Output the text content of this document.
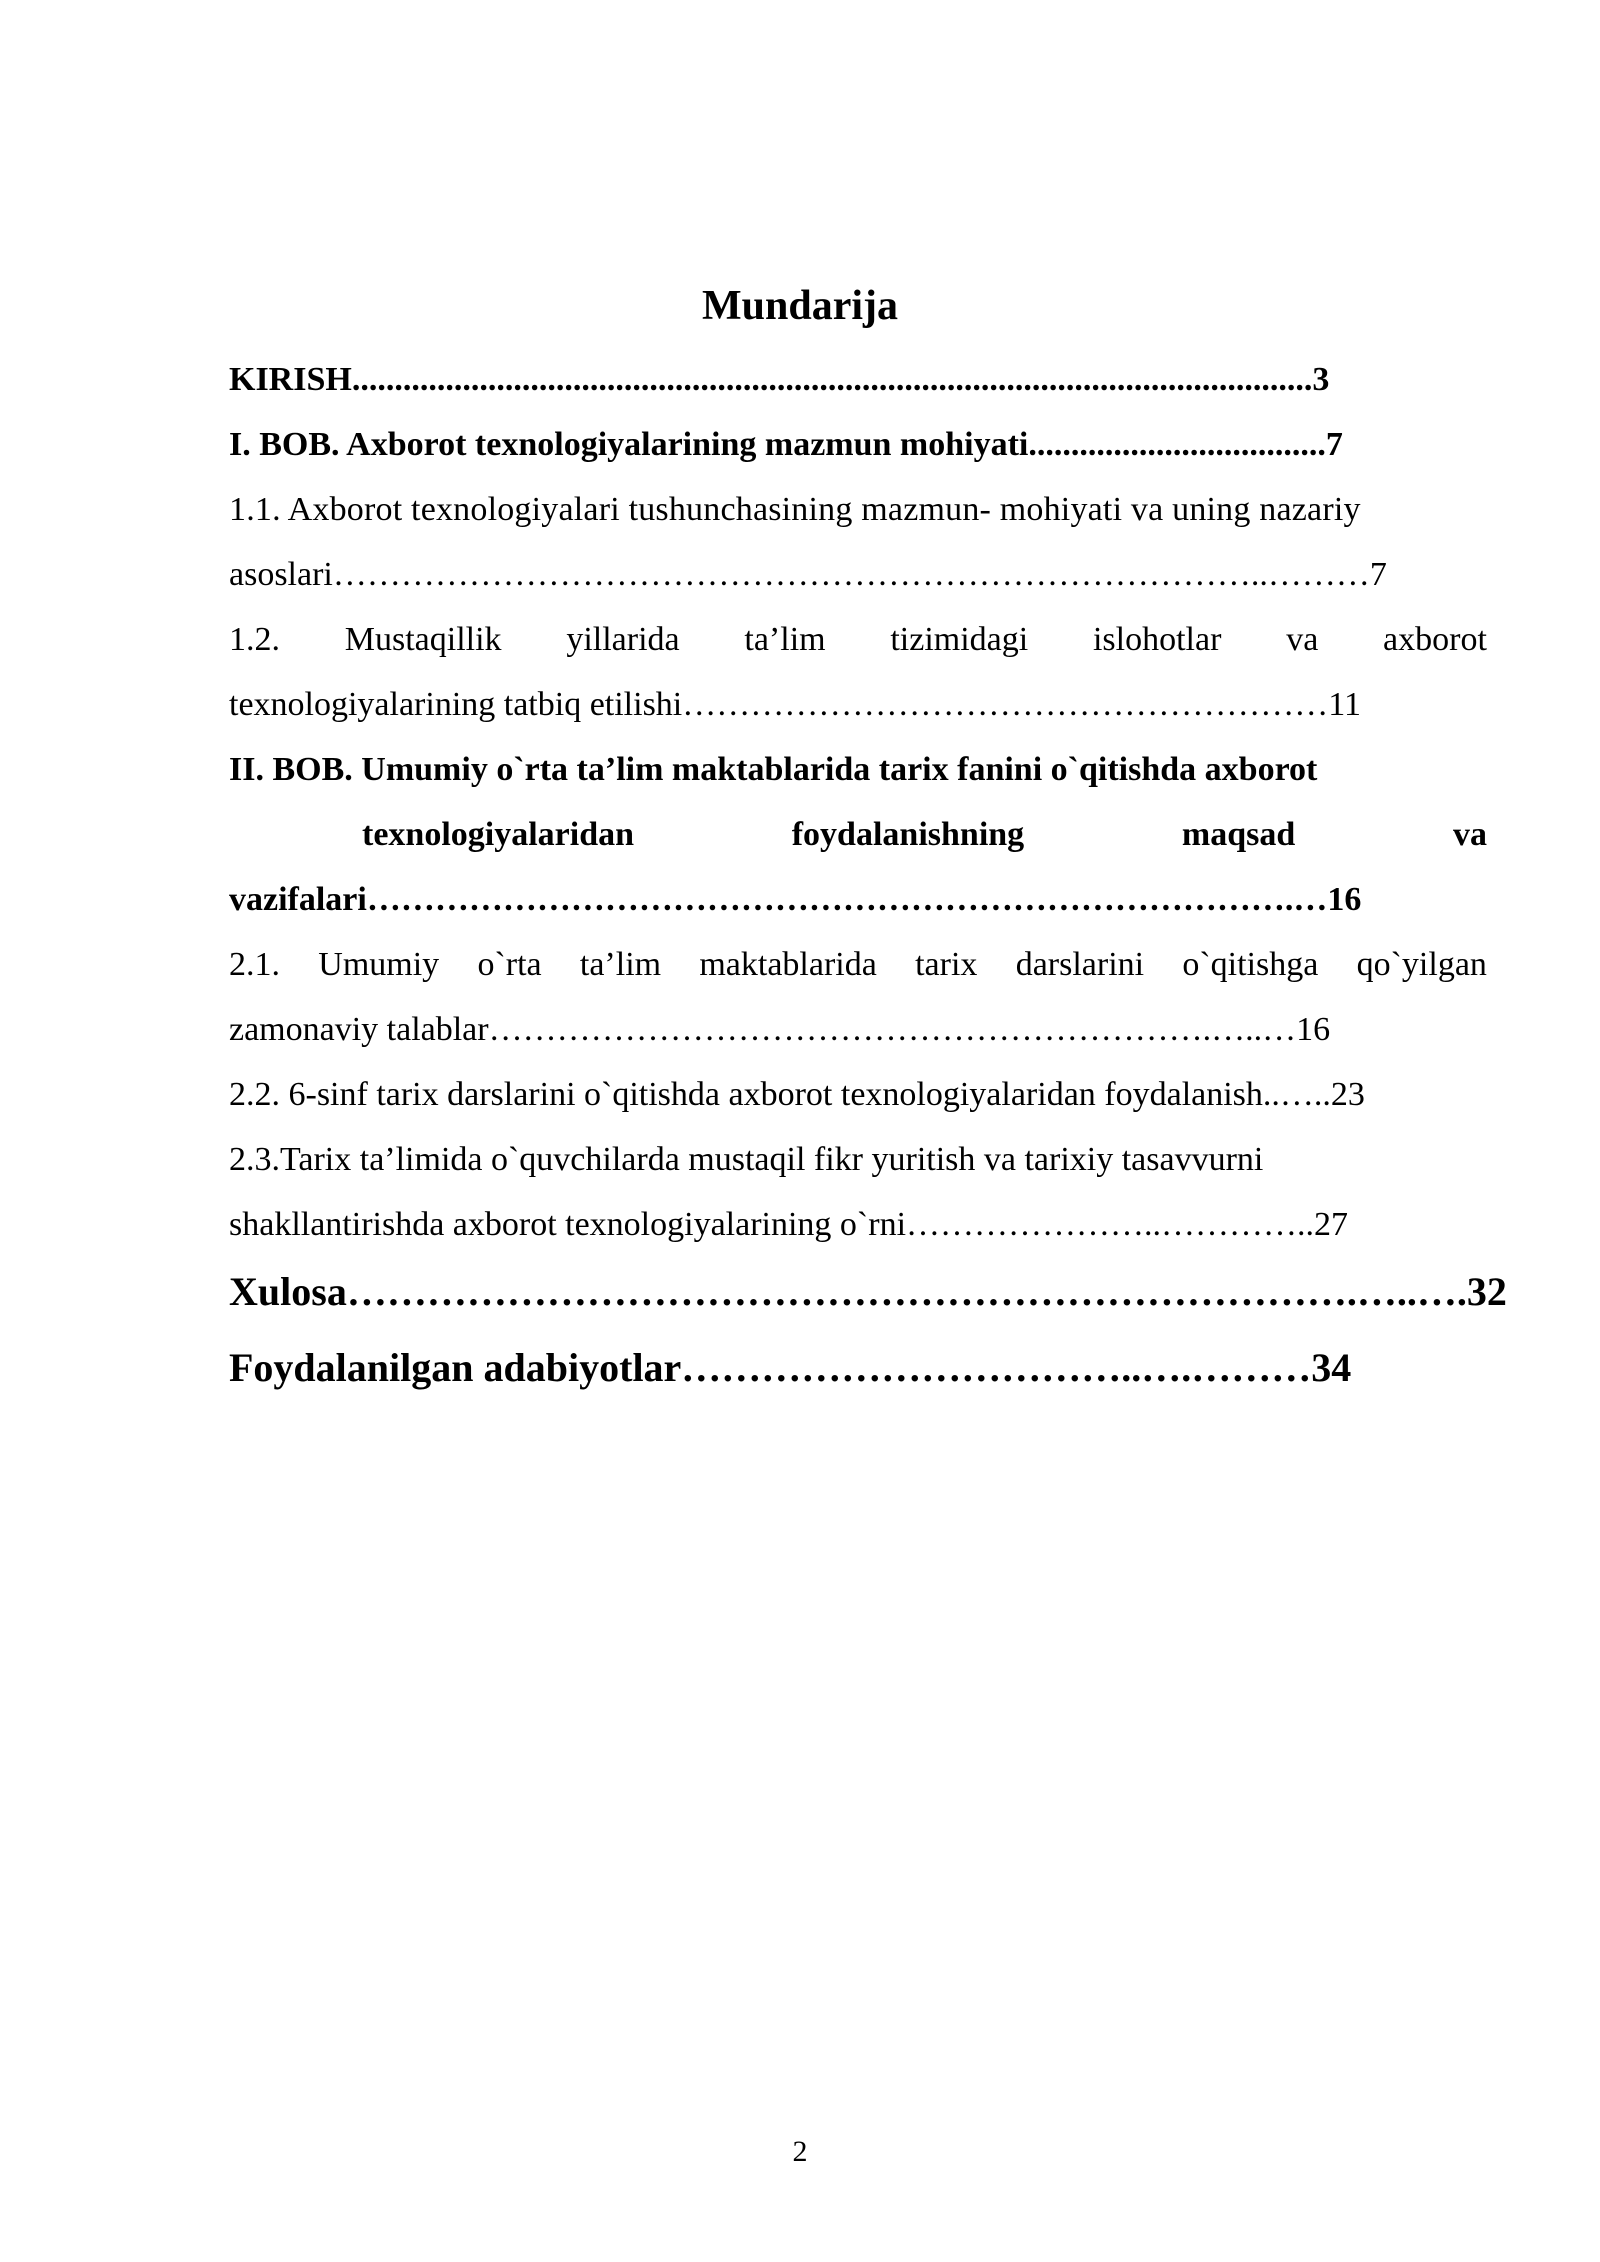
Mundarija
KIRISH.................................................................................................................3
I. BOB. Axborot texnologiyalarining mazmun mohiyati...................................7
1.1. Axborot texnologiyalari tushunchasining mazmun- mohiyati va uning nazariy
asoslari………………………………………………………………………..………7
1.2. Mustaqillik yillarida ta’lim tizimidagi islohotlar va axborot
texnologiyalarining tatbiq etilishi…………………………………………………11
II. BOB. Umumiy o`rta ta’lim maktablarida tarix fanini o`qitishda axborot
texnologiyalaridan	foydalanishning	maqsad	va
vazifalari……………………………………………………………………….…16
2.1. Umumiy o`rta ta’lim maktablarida tarix darslarini o`qitishga qo`yilgan
zamonaviy talablar……………………………………………………….…..…16
2.2. 6-sinf tarix darslarini o`qitishda axborot texnologiyalaridan foydalanish..…..23
2.3.Tarix ta’limida o`quvchilarda mustaqil fikr yuritish va tarixiy tasavvurni
shakllantirishda axborot texnologiyalarining o`rni…………………..…………..27
Xulosa………………………………………………………………….…..….32
Foydalanilgan adabiyotlar……………………………..….………34
2
